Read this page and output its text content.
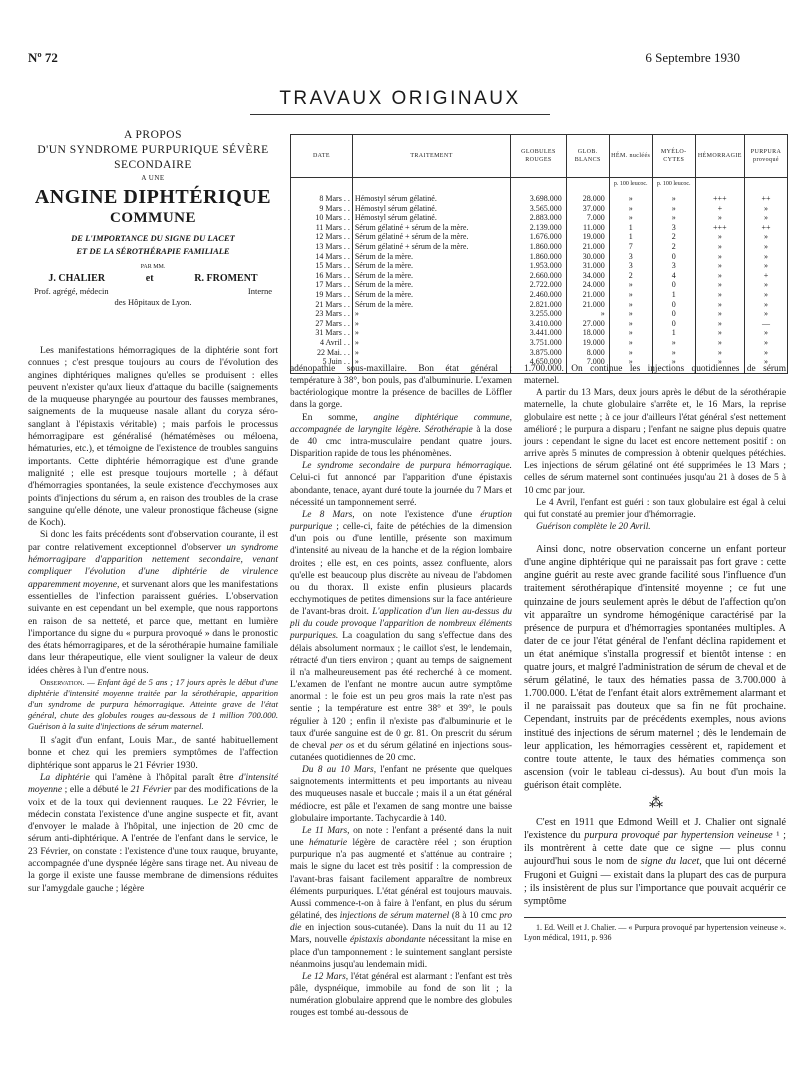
Nº 72	6 Septembre 1930
TRAVAUX ORIGINAUX
A PROPOS
D'UN SYNDROME PURPURIQUE SÉVÈRE
SECONDAIRE
A UNE
ANGINE DIPHTÉRIQUE
COMMUNE
DE L'IMPORTANCE DU SIGNE DU LACET
ET DE LA SÉROTHÉRAPIE FAMILIALE
PAR MM.
J. CHALIER	et	R. FROMENT
Prof. agrégé, médecin	Interne
des Hôpitaux de Lyon.
DATE	TRAITEMENT	GLOBULES ROUGES	GLOB. BLANCS	HÉM. nucléés	MYÉLO-CYTES	HÉMORRAGIE	PURPURA provoqué
				p. 100 leucoc.	p. 100 leucoc.		
8 Mars . .	Hémostyl sérum gélatiné.	3.698.000	28.000	»	»	+++	++
9 Mars . .	Hémostyl sérum gélatiné.	3.565.000	37.000	»	»	+	»
10 Mars . .	Hémostyl sérum gélatiné.	2.883.000	7.000	»	»	»	»
11 Mars . .	Sérum gélatiné + sérum de la mère.	2.139.000	11.000	1	3	+++	++
12 Mars . .	Sérum gélatiné + sérum de la mère.	1.676.000	19.000	1	2	»	»
13 Mars . .	Sérum gélatiné + sérum de la mère.	1.860.000	21.000	7	2	»	»
14 Mars . .	Sérum de la mère.	1.860.000	30.000	3	0	»	»
15 Mars . .	Sérum de la mère.	1.953.000	31.000	3	3	»	»
16 Mars . .	Sérum de la mère.	2.660.000	34.000	2	4	»	+
17 Mars . .	Sérum de la mère.	2.722.000	24.000	»	0	»	»
19 Mars . .	Sérum de la mère.	2.460.000	21.000	»	1	»	»
21 Mars . .	Sérum de la mère.	2.821.000	21.000	»	0	»	»
23 Mars . .	»	3.255.000	»	»	0	»	»
27 Mars . .	»	3.410.000	27.000	»	0	»	—
31 Mars . .	»	3.441.000	18.000	»	1	»	»
4 Avril . .	»	3.751.000	19.000	»	»	»	»
22 Mai. . .	»	3.875.000	8.000	»	»	»	»
5 Juin . .	»	4.650.000	7.000	»	»	»	»

Les manifestations hémorragiques de la diphtérie sont fort connues ; c'est presque toujours au cours de l'évolution des angines diphtériques malignes qu'elles se produisent : elles peuvent n'exister qu'aux lieux d'attaque du bacille (saignements de la muqueuse pharyngée au pourtour des fausses membranes, saignements de la muqueuse nasale allant du coryza séro-sanglant à l'épistaxis véritable) ; mais parfois le processus hémorragipare est généralisé (hématémèses ou méloena, hématuries, etc.), et témoigne de l'existence de troubles sanguins importants. Cette diphtérie hémorragique est d'une grande malignité ; elle est presque toujours mortelle ; à défaut d'hémorragies spontanées, la seule existence d'ecchymoses aux points d'injections du sérum a, en raison des troubles de la crase sanguine qu'elle dénote, une valeur pronostique fâcheuse (signe de Koch).

Si donc les faits précédents sont d'observation courante, il est par contre relativement exceptionnel d'observer un syndrome hémorragipare d'apparition nettement secondaire, venant compliquer l'évolution d'une diphtérie de virulence apparemment moyenne, et survenant alors que les manifestations essentielles de l'infection paraissent guéries. L'observation suivante en est cependant un bel exemple, que nous rapportons en raison de sa netteté, et parce que, mettant en lumière l'importance du signe du « purpura provoqué » dans le pronostic des états hémorragipares, et de la sérothérapie humaine familiale dans leur thérapeutique, elle vient souligner la valeur de deux idées chères à l'un d'entre nous.

Observation. — Enfant âgé de 5 ans ; 17 jours après le début d'une diphtérie d'intensité moyenne traitée par la sérothérapie, apparition d'un syndrome de purpura hémorragique. Atteinte grave de l'état général, chute des globules rouges au-dessous de 1 million 700.000. Guérison à la suite d'injections de sérum maternel.

Il s'agit d'un enfant, Louis Mar., de santé habituellement bonne et chez qui les premiers symptômes de l'affection diphtérique sont apparus le 21 Février 1930.

La diphtérie qui l'amène à l'hôpital paraît être d'intensité moyenne ; elle a débuté le 21 Février par des modifications de la voix et de la toux qui deviennent rauques. Le 22 Février, le médecin constata l'existence d'une angine suspecte et fit, avant d'envoyer le malade à l'hôpital, une injection de 20 cmc de sérum anti-diphtérique. A l'entrée de l'enfant dans le service, le 23 Février, on constate : l'existence d'une toux rauque, bruyante, accompagnée d'une dyspnée légère sans tirage net. Au niveau de la gorge il existe une fausse membrane de dimensions réduites sur l'amygdale gauche ; légère

adénopathie sous-maxillaire. Bon état général : température à 38°, bon pouls, pas d'albuminurie. L'examen bactériologique montre la présence de bacilles de Löffler dans la gorge.

En somme, angine diphtérique commune, accompagnée de laryngite légère. Sérothérapie à la dose de 40 cmc intra-musculaire pendant quatre jours. Disparition rapide de tous les phénomènes.

Le syndrome secondaire de purpura hémorragique. Celui-ci fut annoncé par l'apparition d'une épistaxis abondante, tenace, ayant duré toute la journée du 7 Mars et nécessité un tamponnement serré.

Le 8 Mars, on note l'existence d'une éruption purpurique ; celle-ci, faite de pétéchies de la dimension d'un pois ou d'une lentille, présente son maximum d'intensité au niveau de la hanche et de la région lombaire droites ; elle est, en ces points, assez confluente, alors qu'elle est beaucoup plus discrète au niveau de l'abdomen ou du thorax. Il existe enfin plusieurs placards ecchymotiques de petites dimensions sur la face antérieure de l'avant-bras droit. L'application d'un lien au-dessus du pli du coude provoque l'apparition de nombreux éléments purpuriques. La coagulation du sang s'effectue dans des délais absolument normaux ; le caillot s'est, le lendemain, rétracté d'un tiers environ ; quant au temps de saignement il n'a malheureusement pas été recherché à ce moment. L'examen de l'enfant ne montre aucun autre symptôme anormal : le foie est un peu gros mais la rate n'est pas sentie ; la température est entre 38° et 39°, le pouls régulier à 120 ; enfin il n'existe pas d'albuminurie et le taux d'urée sanguine est de 0 gr. 81. On prescrit du sérum de cheval per os et du sérum gélatiné en injections sous-cutanées quotidiennes de 20 cmc.

Du 8 au 10 Mars, l'enfant ne présente que quelques saignotements intermittents et peu importants au niveau des muqueuses nasale et buccale ; mais il a un état général médiocre, est pâle et l'examen de sang montre une baisse globulaire importante. Tachycardie à 140.

Le 11 Mars, on note : l'enfant a présenté dans la nuit une hématurie légère de caractère réel ; son éruption purpurique n'a pas augmenté et s'atténue au contraire ; mais le signe du lacet est très positif : la compression de l'avant-bras faisant facilement apparaître de nombreux éléments purpuriques. L'état général est toujours mauvais. Aussi commence-t-on à faire à l'enfant, en plus du sérum gélatiné, des injections de sérum maternel (8 à 10 cmc pro die en injection sous-cutanée). Dans la nuit du 11 au 12 Mars, nouvelle épistaxis abondante nécessitant la mise en place d'un tamponnement : le suintement sanglant persiste néanmoins jusqu'au lendemain midi.

Le 12 Mars, l'état général est alarmant : l'enfant est très pâle, dyspnéique, immobile au fond de son lit ; la numération globulaire apprend que le nombre des globules rouges est tombé au-dessous de

1.700.000. On continue les injections quotidiennes de sérum maternel.

A partir du 13 Mars, deux jours après le début de la sérothérapie maternelle, la chute globulaire s'arrête et, le 16 Mars, la reprise globulaire est nette ; à ce jour d'ailleurs l'état général s'est nettement amélioré ; le purpura a disparu ; l'enfant ne saigne plus depuis quatre jours : cependant le signe du lacet est encore nettement positif : on arrive après 5 minutes de compression à obtenir quelques pétéchies. Les injections de sérum gélatiné ont été supprimées le 13 Mars ; celles de sérum maternel sont continuées jusqu'au 21 à doses de 5 à 10 cmc par jour.

Le 4 Avril, l'enfant est guéri : son taux globulaire est égal à celui qui fut constaté au premier jour d'hémorragie.

Guérison complète le 20 Avril.

Ainsi donc, notre observation concerne un enfant porteur d'une angine diphtérique qui ne paraissait pas fort grave : cette angine guérit au reste avec grande facilité sous l'influence d'un traitement sérothérapique d'intensité moyenne ; ce fut une quinzaine de jours seulement après le début de l'affection qu'on vit apparaître un syndrome hémogénique caractérisé par la présence de purpura et d'hémorragies spontanées multiples. A dater de ce jour l'état général de l'enfant déclina rapidement et un état anémique s'installa progressif et bientôt intense : en quatre jours, et malgré l'administration de sérum de cheval et de sérum gélatiné, le taux des hématies passa de 3.700.000 à 1.700.000. L'état de l'enfant était alors extrêmement alarmant et il ne paraissait pas douteux que sa fin ne fût prochaine. Cependant, instruits par de précédents exemples, nous avions institué des injections de sérum maternel ; dès le lendemain de leur application, les hémorragies cessèrent et, rapidement et contre toute attente, le taux des hématies commença son ascension (voir le tableau ci-dessus). Au bout d'un mois la guérison était complète.

⁂

C'est en 1911 que Edmond Weill et J. Chalier ont signalé l'existence du purpura provoqué par hypertension veineuse ¹ ; ils montrèrent à cette date que ce signe — plus connu aujourd'hui sous le nom de signe du lacet, que lui ont décerné Frugoni et Guigni — existait dans la plupart des cas de purpura ; ils insistèrent de plus sur l'importance que pouvait acquérir ce symptôme

1. Ed. Weill et J. Chalier. — « Purpura provoqué par hypertension veineuse ». Lyon médical, 1911, p. 936
